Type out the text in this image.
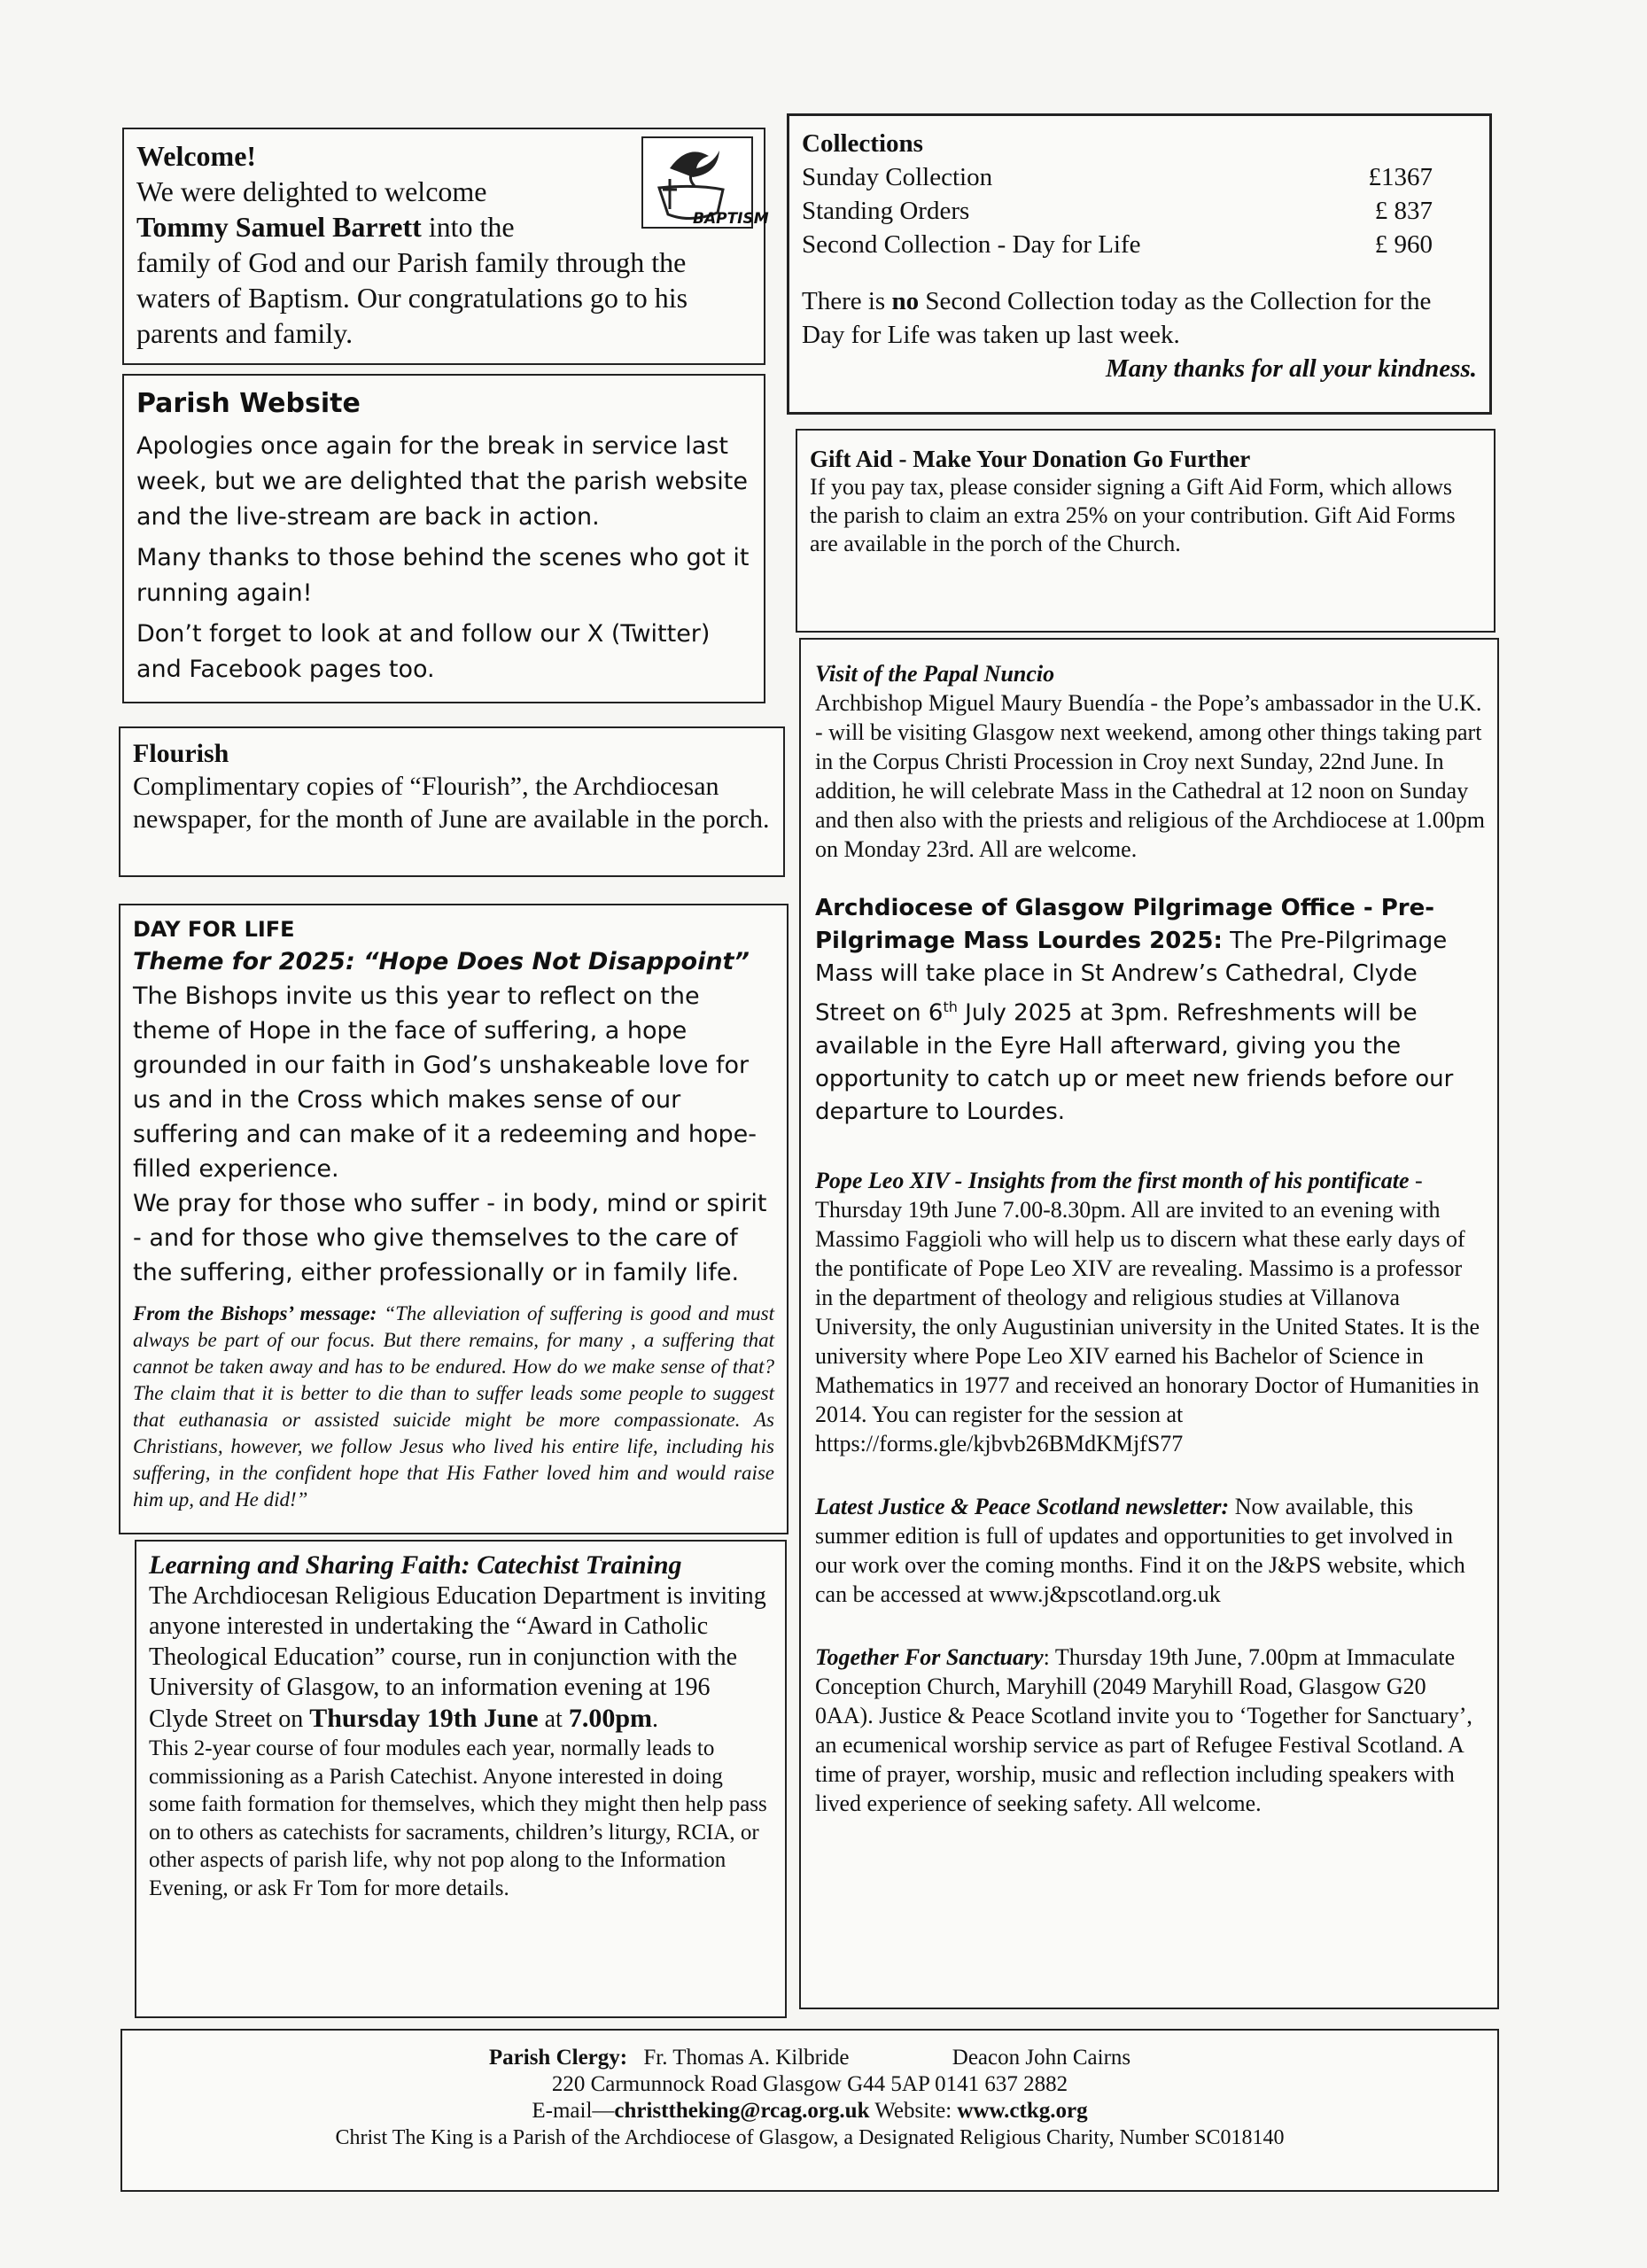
BAPTISM

Welcome!

We were delighted to welcome

Tommy Samuel Barrett into the

family of God and our Parish family through the waters of Baptism. Our congratulations go to his parents and family.

Parish Website

Apologies once again for the break in service last week, but we are delighted that the parish website and the live-stream are back in action.

Many thanks to those behind the scenes who got it running again!

Don’t forget to look at and follow our X (Twitter) and Facebook pages too.

Flourish

Complimentary copies of “Flourish”, the Archdiocesan newspaper, for the month of June are available in the porch.

DAY FOR LIFE

Theme for 2025: “Hope Does Not Disappoint”

The Bishops invite us this year to reflect on the theme of Hope in the face of suffering, a hope grounded in our faith in God’s unshakeable love for us and in the Cross which makes sense of our suffering and can make of it a redeeming and hope-filled experience.

We pray for those who suffer - in body, mind or spirit - and for those who give themselves to the care of the suffering, either professionally or in family life.

From the Bishops’ message: “The alleviation of suffering is good and must always be part of our focus. But there remains, for many , a suffering that cannot be taken away and has to be endured. How do we make sense of that? The claim that it is better to die than to suffer leads some people to suggest that euthanasia or assisted suicide might be more compassionate. As Christians, however, we follow Jesus who lived his entire life, including his suffering, in the confident hope that His Father loved him and would raise him up, and He did!”

Learning and Sharing Faith: Catechist Training

The Archdiocesan Religious Education Department is inviting anyone interested in undertaking the “Award in Catholic Theological Education” course, run in conjunction with the University of Glasgow, to an information evening at 196 Clyde Street on Thursday 19th June at 7.00pm.

This 2-year course of four modules each year, normally leads to commissioning as a Parish Catechist. Anyone interested in doing some faith formation for themselves, which they might then help pass on to others as catechists for sacraments, children’s liturgy, RCIA, or other aspects of parish life, why not pop along to the Information Evening, or ask Fr Tom for more details.

Collections

Sunday Collection	£1367
Standing Orders	£ 837
Second Collection - Day for Life	£ 960

There is no Second Collection today as the Collection for the Day for Life was taken up last week.

Many thanks for all your kindness.

Gift Aid - Make Your Donation Go Further

If you pay tax, please consider signing a Gift Aid Form, which allows the parish to claim an extra 25% on your contribution. Gift Aid Forms are available in the porch of the Church.

Visit of the Papal Nuncio

Archbishop Miguel Maury Buendía - the Pope’s ambassador in the U.K. - will be visiting Glasgow next weekend, among other things taking part in the Corpus Christi Procession in Croy next Sunday, 22nd June. In addition, he will celebrate Mass in the Cathedral at 12 noon on Sunday and then also with the priests and religious of the Archdiocese at 1.00pm on Monday 23rd. All are welcome.

Archdiocese of Glasgow Pilgrimage Office - Pre-Pilgrimage Mass Lourdes 2025: The Pre-Pilgrimage Mass will take place in St Andrew’s Cathedral, Clyde Street on 6th July 2025 at 3pm. Refreshments will be available in the Eyre Hall afterward, giving you the opportunity to catch up or meet new friends before our departure to Lourdes.
Pope Leo XIV - Insights from the first month of his pontificate - Thursday 19th June 7.00-8.30pm. All are invited to an evening with Massimo Faggioli who will help us to discern what these early days of the pontificate of Pope Leo XIV are revealing. Massimo is a professor in the department of theology and religious studies at Villanova University, the only Augustinian university in the United States. It is the university where Pope Leo XIV earned his Bachelor of Science in Mathematics in 1977 and received an honorary Doctor of Humanities in 2014. You can register for the session at https://forms.gle/kjbvb26BMdKMjfS77
Latest Justice & Peace Scotland newsletter: Now available, this summer edition is full of updates and opportunities to get involved in our work over the coming months. Find it on the J&PS website, which can be accessed at www.j&pscotland.org.uk
Together For Sanctuary: Thursday 19th June, 7.00pm at Immaculate Conception Church, Maryhill (2049 Maryhill Road, Glasgow G20 0AA). Justice & Peace Scotland invite you to ‘Together for Sanctuary’, an ecumenical worship service as part of Refugee Festival Scotland. A time of prayer, worship, music and reflection including speakers with lived experience of seeking safety. All welcome.

Parish Clergy: Fr. Thomas A. Kilbride	Deacon John Cairns

220 Carmunnock Road Glasgow G44 5AP 0141 637 2882

E-mail—christtheking@rcag.org.uk Website: www.ctkg.org

Christ The King is a Parish of the Archdiocese of Glasgow, a Designated Religious Charity, Number SC018140
